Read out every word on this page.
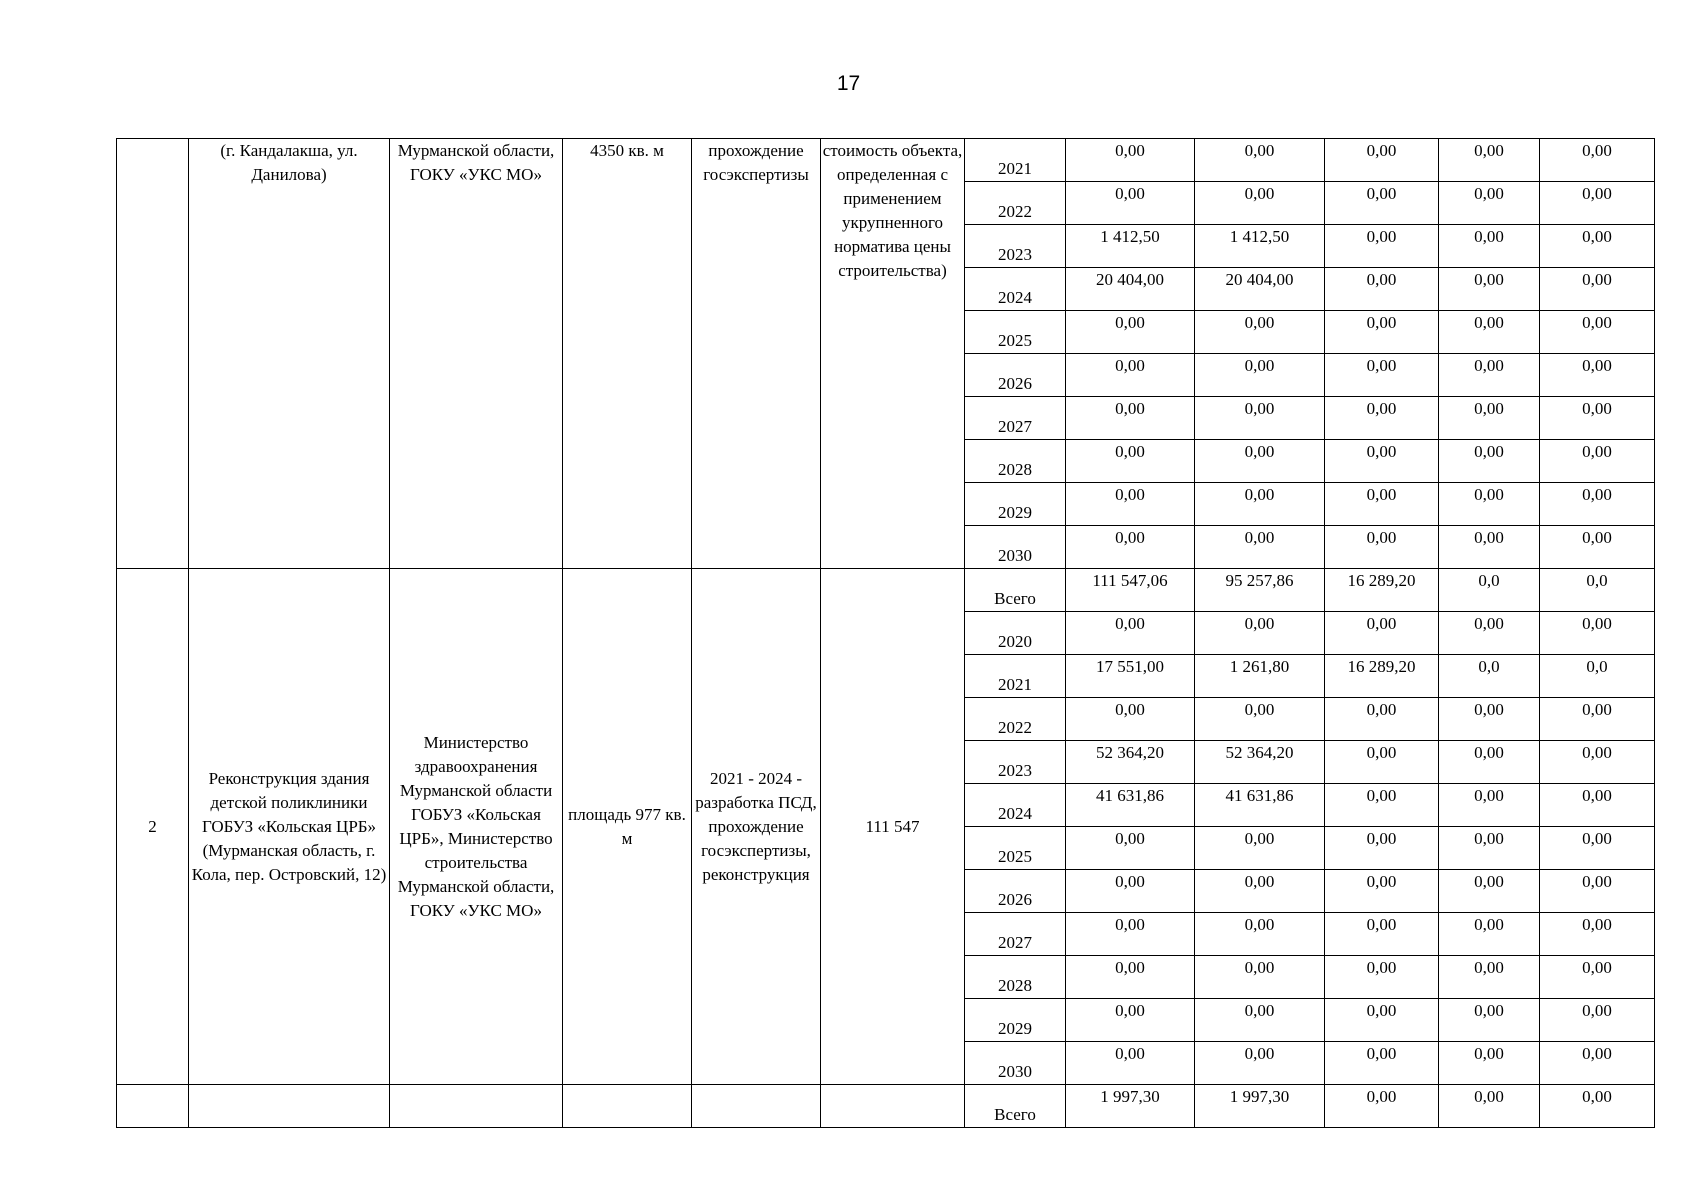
17
	(г. Кандалакша, ул. Данилова)	Мурманской области, ГОКУ «УКС МО»	4350 кв. м	прохождение госэкспертизы	стоимость объекта, определенная с применением укрупненного норматива цены строительства)	2021	0,00	0,00	0,00	0,00	0,00
						2022	0,00	0,00	0,00	0,00	0,00
						2023	1 412,50	1 412,50	0,00	0,00	0,00
						2024	20 404,00	20 404,00	0,00	0,00	0,00
						2025	0,00	0,00	0,00	0,00	0,00
						2026	0,00	0,00	0,00	0,00	0,00
						2027	0,00	0,00	0,00	0,00	0,00
						2028	0,00	0,00	0,00	0,00	0,00
						2029	0,00	0,00	0,00	0,00	0,00
						2030	0,00	0,00	0,00	0,00	0,00
2	Реконструкция здания детской поликлиники ГОБУЗ «Кольская ЦРБ» (Мурманская область, г. Кола, пер. Островский, 12)	Министерство здравоохранения Мурманской области ГОБУЗ «Кольская ЦРБ», Министерство строительства Мурманской области, ГОКУ «УКС МО»	площадь 977 кв. м	2021 - 2024 - разработка ПСД, прохождение госэкспертизы, реконструкция	111 547	Всего	111 547,06	95 257,86	16 289,20	0,0	0,0
						2020	0,00	0,00	0,00	0,00	0,00
						2021	17 551,00	1 261,80	16 289,20	0,0	0,0
						2022	0,00	0,00	0,00	0,00	0,00
						2023	52 364,20	52 364,20	0,00	0,00	0,00
						2024	41 631,86	41 631,86	0,00	0,00	0,00
						2025	0,00	0,00	0,00	0,00	0,00
						2026	0,00	0,00	0,00	0,00	0,00
						2027	0,00	0,00	0,00	0,00	0,00
						2028	0,00	0,00	0,00	0,00	0,00
						2029	0,00	0,00	0,00	0,00	0,00
						2030	0,00	0,00	0,00	0,00	0,00
						Всего	1 997,30	1 997,30	0,00	0,00	0,00
